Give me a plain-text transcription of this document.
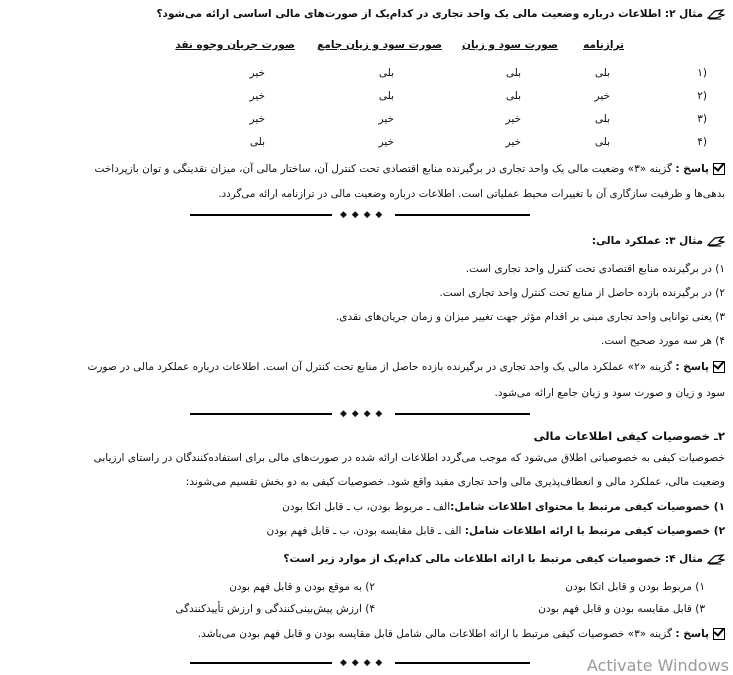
مثال ۲: اطلاعات درباره وضعیت مالی یک واحد تجاری در کدام‌یک از صورت‌های مالی اساسی ارائه می‌شود؟
ترازنامه
صورت سود و زیان
صورت سود و زیان جامع
صورت جریان وجوه نقد
۱)
بلی
بلی
بلی
خیر
۲)
خیر
بلی
بلی
خیر
۳)
بلی
خیر
خیر
خیر
۴)
بلی
خیر
خیر
بلی
پاسخ : گزینه «۳» وضعیت مالی یک واحد تجاری در برگیرنده منابع اقتصادی تحت کنترل آن، ساختار مالی آن، میزان نقدینگی و توان بازپرداخت
بدهی‌ها و ظرفیت سازگاری آن با تغییرات محیط عملیاتی است. اطلاعات درباره وضعیت مالی در ترازنامه ارائه می‌گردد.
◆ ◆ ◆ ◆
مثال ۳: عملکرد مالی:
۱) در برگیرنده منابع اقتصادی تحت کنترل واحد تجاری است.
۲) در برگیرنده بازده حاصل از منابع تحت کنترل واحد تجاری است.
۳) یعنی توانایی واحد تجاری مبنی بر اقدام مؤثر جهت تغییر میزان و زمان جریان‌های نقدی.
۴) هر سه مورد صحیح است.
پاسخ : گزینه «۲» عملکرد مالی یک واحد تجاری در برگیرنده بازده حاصل از منابع تحت کنترل آن است. اطلاعات درباره عملکرد مالی در صورت
سود و زیان و صورت سود و زیان جامع ارائه می‌شود.
◆ ◆ ◆ ◆
۲ـ خصوصیات کیفی اطلاعات مالی
خصوصیات کیفی به خصوصیاتی اطلاق می‌شود که موجب می‌گردد اطلاعات ارائه شده در صورت‌های مالی برای استفاده‌کنندگان در راستای ارزیابی
وضعیت مالی، عملکرد مالی و انعطاف‌پذیری مالی واحد تجاری مفید واقع شود. خصوصیات کیفی به دو بخش تقسیم می‌شوند:
۱) خصوصیات کیفی مرتبط با محتوای اطلاعات شامل:الف ـ مربوط بودن، ب ـ قابل اتکا بودن
۲) خصوصیات کیفی مرتبط با ارائه اطلاعات شامل: الف ـ قابل مقایسه بودن، ب ـ قابل فهم بودن
مثال ۴: خصوصیات کیفی مرتبط با ارائه اطلاعات مالی کدام‌یک از موارد زیر است؟
۱) مربوط بودن و قابل اتکا بودن
۲) به موقع بودن و قابل فهم بودن
۳) قابل مقایسه بودن و قابل فهم بودن
۴) ارزش پیش‌بینی‌کنندگی و ارزش تأییدکنندگی
پاسخ : گزینه «۳» خصوصیات کیفی مرتبط با ارائه اطلاعات مالی شامل قابل مقایسه بودن و قابل فهم بودن می‌باشد.
◆ ◆ ◆ ◆	Activate Windows
